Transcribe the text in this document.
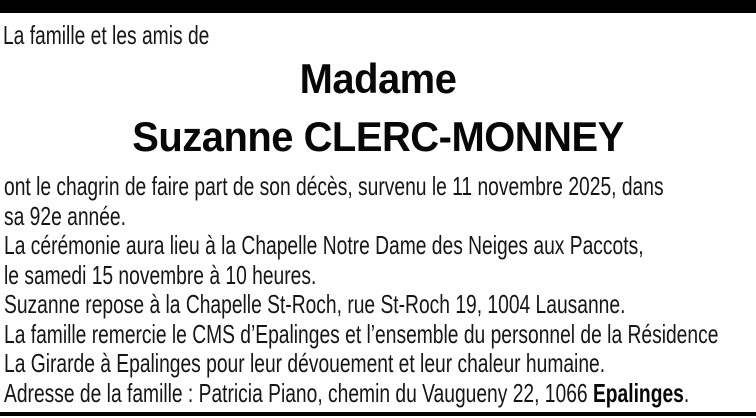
La famille et les amis de
Madame
Suzanne CLERC-MONNEY
ont le chagrin de faire part de son décès, survenu le 11 novembre 2025, dans
sa 92e année.
La cérémonie aura lieu à la Chapelle Notre Dame des Neiges aux Paccots,
le samedi 15 novembre à 10 heures.
Suzanne repose à la Chapelle St-Roch, rue St-Roch 19, 1004 Lausanne.
La famille remercie le CMS d’Epalinges et l’ensemble du personnel de la Résidence
La Girarde à Epalinges pour leur dévouement et leur chaleur humaine.
Adresse de la famille : Patricia Piano, chemin du Vaugueny 22, 1066 Epalinges.
